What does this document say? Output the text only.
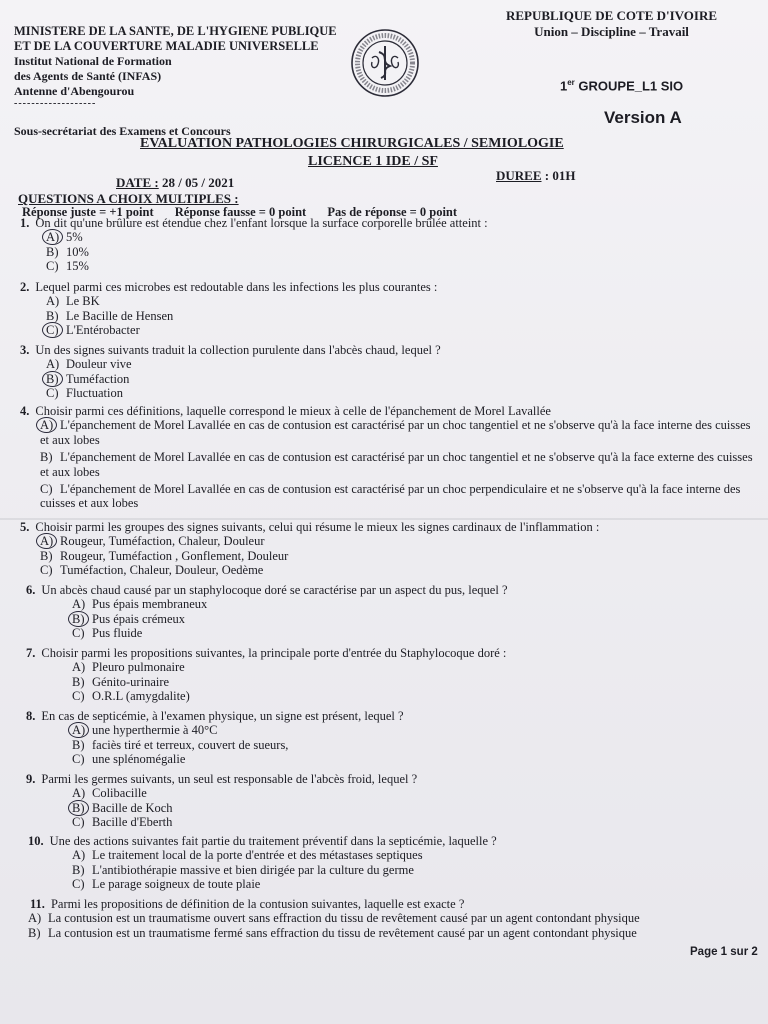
MINISTERE DE LA SANTE, DE L'HYGIENE PUBLIQUE
ET DE LA COUVERTURE MALADIE UNIVERSELLE
Institut National de Formation
des Agents de Santé (INFAS)
Antenne d'Abengourou
-------------------
REPUBLIQUE DE COTE D'IVOIRE
Union – Discipline – Travail
1er GROUPE_L1 SIO
Version A
Sous-secrétariat des Examens et Concours
EVALUATION PATHOLOGIES CHIRURGICALES / SEMIOLOGIE
LICENCE 1 IDE / SF
DATE : 28 / 05 / 2021	DUREE : 01H
QUESTIONS A CHOIX MULTIPLES :
Réponse juste = +1 point Réponse fausse = 0 point Pas de réponse = 0 point
1. On dit qu'une brûlure est étendue chez l'enfant lorsque la surface corporelle brûlée atteint :
A) 5%
B) 10%
C) 15%
2. Lequel parmi ces microbes est redoutable dans les infections les plus courantes :
A) Le BK
B) Le Bacille de Hensen
C) L'Entérobacter
3. Un des signes suivants traduit la collection purulente dans l'abcès chaud, lequel ?
A) Douleur vive
B) Tuméfaction
C) Fluctuation
4. Choisir parmi ces définitions, laquelle correspond le mieux à celle de l'épanchement de Morel Lavallée
A) L'épanchement de Morel Lavallée en cas de contusion est caractérisé par un choc tangentiel et ne s'observe qu'à la face interne des cuisses et aux lobes
B) L'épanchement de Morel Lavallée en cas de contusion est caractérisé par un choc tangentiel et ne s'observe qu'à la face externe des cuisses et aux lobes
C) L'épanchement de Morel Lavallée en cas de contusion est caractérisé par un choc perpendiculaire et ne s'observe qu'à la face interne des cuisses et aux lobes
5. Choisir parmi les groupes des signes suivants, celui qui résume le mieux les signes cardinaux de l'inflammation :
A) Rougeur, Tuméfaction, Chaleur, Douleur
B) Rougeur, Tuméfaction , Gonflement, Douleur
C) Tuméfaction, Chaleur, Douleur, Oedème
6. Un abcès chaud causé par un staphylocoque doré se caractérise par un aspect du pus, lequel ?
A) Pus épais membraneux
B) Pus épais crémeux
C) Pus fluide
7. Choisir parmi les propositions suivantes, la principale porte d'entrée du Staphylocoque doré :
A) Pleuro pulmonaire
B) Génito-urinaire
C) O.R.L (amygdalite)
8. En cas de septicémie, à l'examen physique, un signe est présent, lequel ?
A) une hyperthermie à 40°C
B) faciès tiré et terreux, couvert de sueurs,
C) une splénomégalie
9. Parmi les germes suivants, un seul est responsable de l'abcès froid, lequel ?
A) Colibacille
B) Bacille de Koch
C) Bacille d'Eberth
10. Une des actions suivantes fait partie du traitement préventif dans la septicémie, laquelle ?
A) Le traitement local de la porte d'entrée et des métastases septiques
B) L'antibiothérapie massive et bien dirigée par la culture du germe
C) Le parage soigneux de toute plaie
11. Parmi les propositions de définition de la contusion suivantes, laquelle est exacte ?
A) La contusion est un traumatisme ouvert sans effraction du tissu de revêtement causé par un agent contondant physique
B) La contusion est un traumatisme fermé sans effraction du tissu de revêtement causé par un agent contondant physique
Page 1 sur 2
